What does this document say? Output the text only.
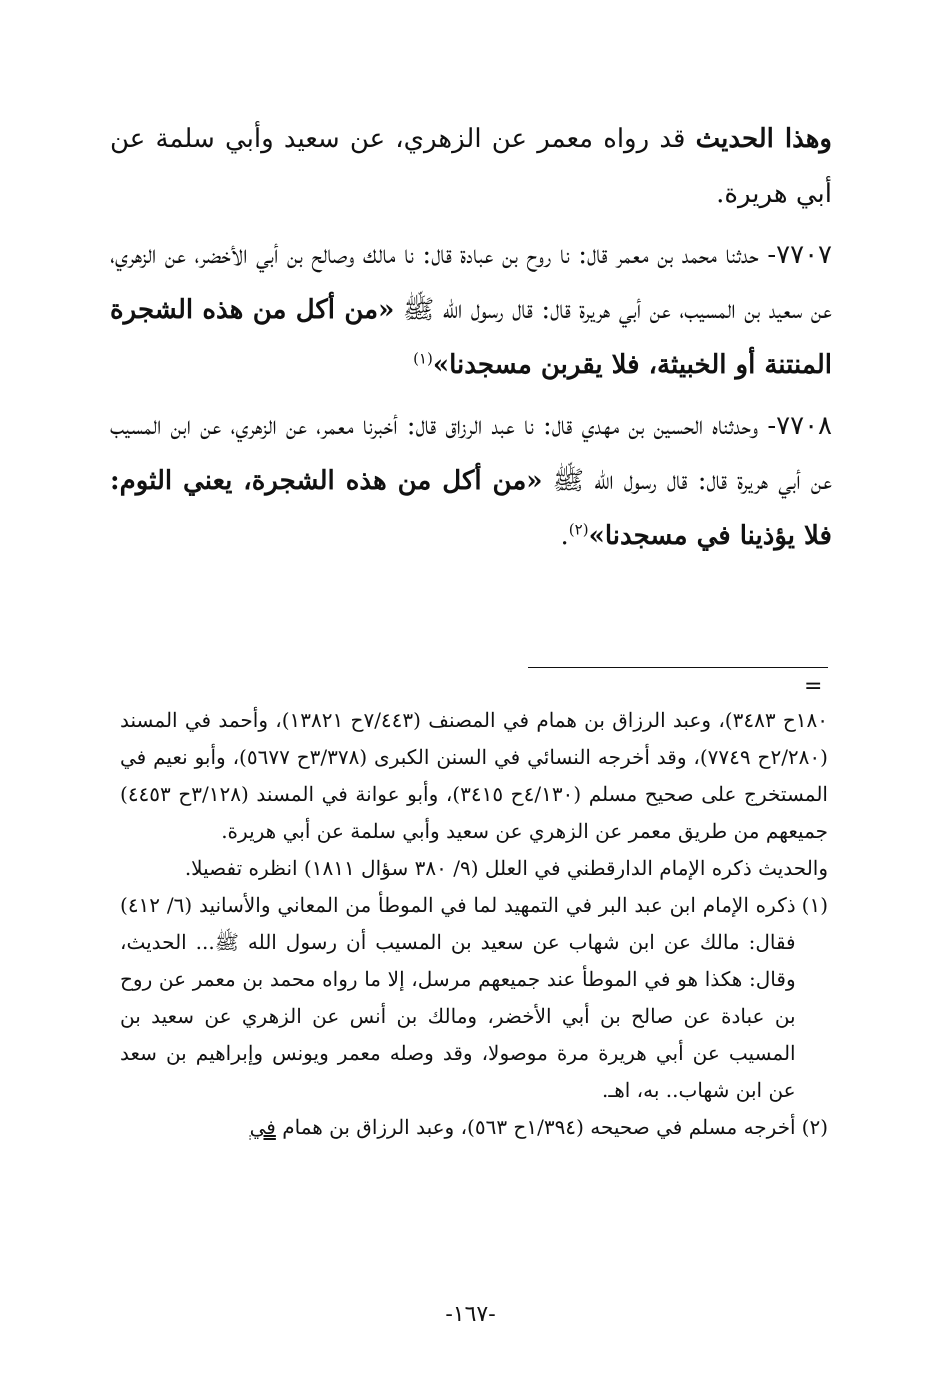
وهذا الحديث قد رواه معمر عن الزهري، عن سعيد وأبي سلمة عن أبي هريرة.

٧٧٠٧- حدثنا محمد بن معمر قال: نا روح بن عبادة قال: نا مالك وصالح بن أبي الأخضر، عن الزهري، عن سعيد بن المسيب، عن أبي هريرة قال: قال رسول الله ﷺ «من أكل من هذه الشجرة المنتنة أو الخبيثة، فلا يقربن مسجدنا»$^{(١)}$

٧٧٠٨- وحدثناه الحسين بن مهدي قال: نا عبد الرزاق قال: أخبرنا معمر، عن الزهري، عن ابن المسيب عن أبي هريرة قال: قال رسول الله ﷺ «من أكل من هذه الشجرة، يعني الثوم: فلا يؤذينا في مسجدنا»$^{(٢)}$.

=

١٨٠ح ٣٤٨٣)، وعبد الرزاق بن همام في المصنف (٧/٤٤٣ح ١٣٨٢١)، وأحمد في المسند (٢/٢٨٠ح ٧٧٤٩)، وقد أخرجه النسائي في السنن الكبرى (٣/٣٧٨ح ٥٦٧٧)، وأبو نعيم في المستخرج على صحيح مسلم (٤/١٣٠ح ٣٤١٥)، وأبو عوانة في المسند (٣/١٢٨ح ٤٤٥٣) جميعهم من طريق معمر عن الزهري عن سعيد وأبي سلمة عن أبي هريرة.

والحديث ذكره الإمام الدارقطني في العلل (٩/ ٣٨٠ سؤال ١٨١١) انظره تفصيلا.

(١)
ذكره الإمام ابن عبد البر في التمهيد لما في الموطأ من المعاني والأسانيد (٦/ ٤١٢) فقال: مالك عن ابن شهاب عن سعيد بن المسيب أن رسول الله ﷺ... الحديث، وقال: هكذا هو في الموطأ عند جميعهم مرسل، إلا ما رواه محمد بن معمر عن روح بن عبادة عن صالح بن أبي الأخضر، ومالك بن أنس عن الزهري عن سعيد بن المسيب عن أبي هريرة مرة موصولا، وقد وصله معمر ويونس وإبراهيم بن سعد عن ابن شهاب.. به، اهـ.
(٢)
أخرجه مسلم في صحيحه (١/٣٩٤ح ٥٦٣)، وعبد الرزاق بن همام في
-١٦٧-
